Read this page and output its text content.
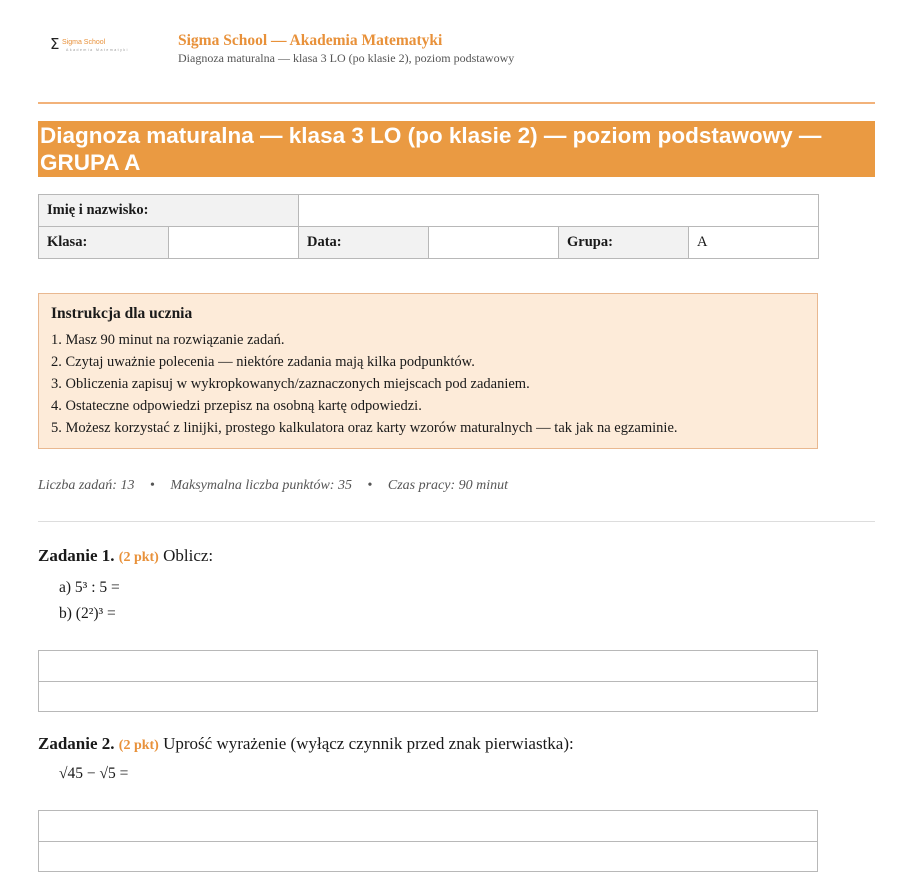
Σ Sigma School
Akademia Matematyki
Sigma School — Akademia Matematyki
Diagnoza maturalna — klasa 3 LO (po klasie 2), poziom podstawowy
Diagnoza maturalna — klasa 3 LO (po klasie 2) — poziom podstawowy — GRUPA A
Imię i nazwisko:					
Klasa:		Data:		Grupa:	A
Instrukcja dla ucznia
1. Masz 90 minut na rozwiązanie zadań.
2. Czytaj uważnie polecenia — niektóre zadania mają kilka podpunktów.
3. Obliczenia zapisuj w wykropkowanych/zaznaczonych miejscach pod zadaniem.
4. Ostateczne odpowiedzi przepisz na osobną kartę odpowiedzi.
5. Możesz korzystać z linijki, prostego kalkulatora oraz karty wzorów maturalnych — tak jak na egzaminie.
Liczba zadań: 13 • Maksymalna liczba punktów: 35 • Czas pracy: 90 minut
Zadanie 1. (2 pkt) Oblicz:
a) 5³ : 5 =
b) (2²)³ =
Zadanie 2. (2 pkt) Uprość wyrażenie (wyłącz czynnik przed znak pierwiastka):
√45 − √5 =
